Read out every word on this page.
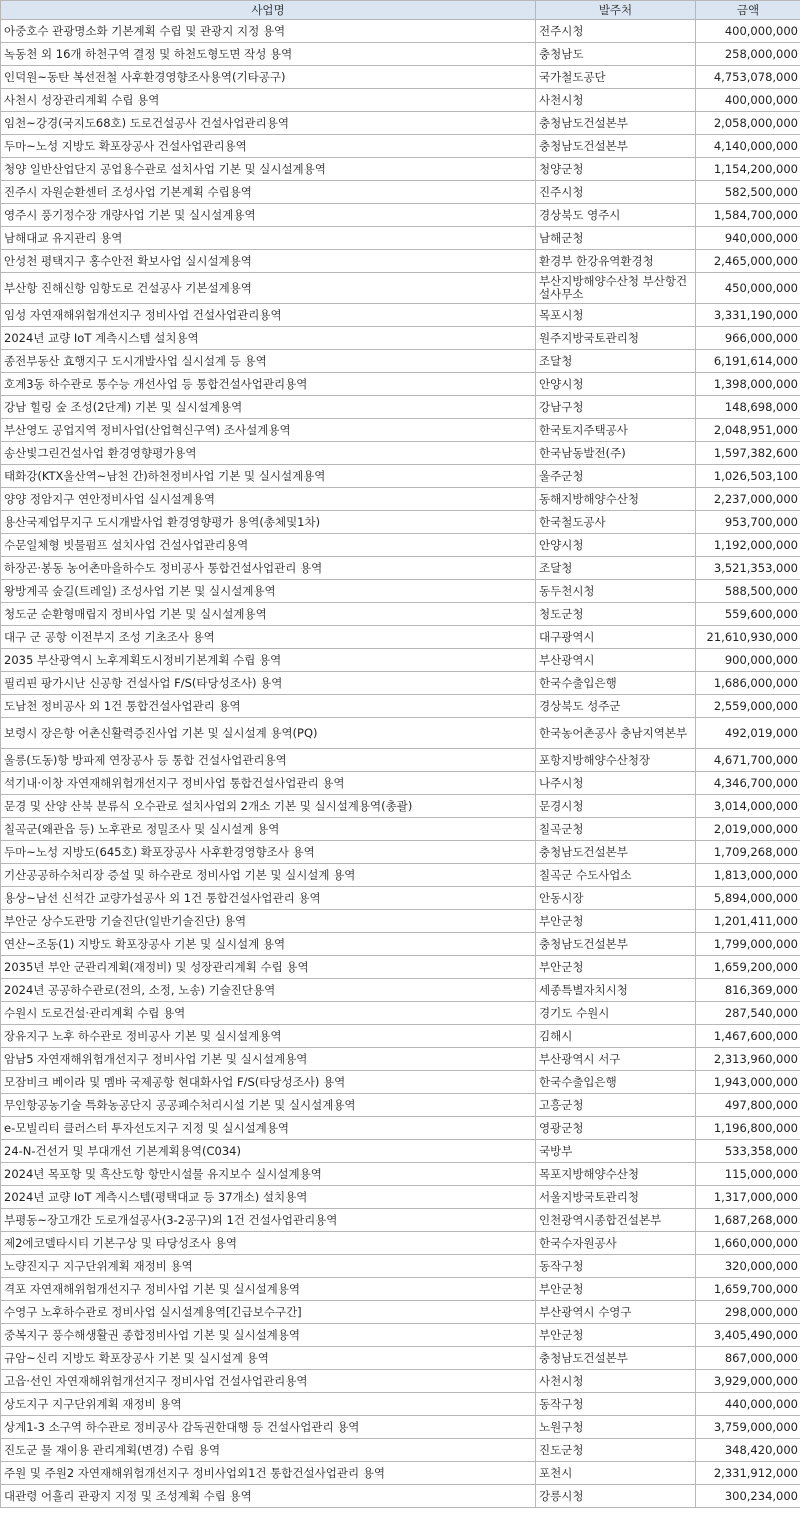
사업명	발주처	금액
아중호수 관광명소화 기본계획 수립 및 관광지 지정 용역	전주시청	400,000,000
녹동천 외 16개 하천구역 결정 및 하천도형도면 작성 용역	충청남도	258,000,000
인덕원~동탄 복선전철 사후환경영향조사용역(기타공구)	국가철도공단	4,753,078,000
사천시 성장관리계획 수립 용역	사천시청	400,000,000
임천~강경(국지도68호) 도로건설공사 건설사업관리용역	충청남도건설본부	2,058,000,000
두마~노성 지방도 확포장공사 건설사업관리용역	충청남도건설본부	4,140,000,000
청양 일반산업단지 공업용수관로 설치사업 기본 및 실시설계용역	청양군청	1,154,200,000
진주시 자원순환센터 조성사업 기본계획 수립용역	진주시청	582,500,000
영주시 풍기정수장 개량사업 기본 및 실시설계용역	경상북도 영주시	1,584,700,000
남해대교 유지관리 용역	남해군청	940,000,000
안성천 평택지구 홍수안전 확보사업 실시설계용역	환경부 한강유역환경청	2,465,000,000
부산항 진해신항 임항도로 건설공사 기본설계용역	부산지방해양수산청 부산항건설사무소	450,000,000
임성 자연재해위험개선지구 정비사업 건설사업관리용역	목포시청	3,331,190,000
2024년 교량 IoT 계측시스템 설치용역	원주지방국토관리청	966,000,000
종전부동산 효행지구 도시개발사업 실시설계 등 용역	조달청	6,191,614,000
호계3동 하수관로 통수능 개선사업 등 통합건설사업관리용역	안양시청	1,398,000,000
강남 힐링 숲 조성(2단계) 기본 및 실시설계용역	강남구청	148,698,000
부산영도 공업지역 정비사업(산업혁신구역) 조사설계용역	한국토지주택공사	2,048,951,000
송산빛그린건설사업 환경영향평가용역	한국남동발전(주)	1,597,382,600
태화강(KTX울산역~남천 간)하천정비사업 기본 및 실시설계용역	울주군청	1,026,503,100
양양 정암지구 연안정비사업 실시설계용역	동해지방해양수산청	2,237,000,000
용산국제업무지구 도시개발사업 환경영향평가 용역(총체및1차)	한국철도공사	953,700,000
수문일체형 빗물펌프 설치사업 건설사업관리용역	안양시청	1,192,000,000
하장곤·봉동 농어촌마을하수도 정비공사 통합건설사업관리 용역	조달청	3,521,353,000
왕방계곡 숲길(트레일) 조성사업 기본 및 실시설계용역	동두천시청	588,500,000
청도군 순환형매립지 정비사업 기본 및 실시설계용역	청도군청	559,600,000
대구 군 공항 이전부지 조성 기초조사 용역	대구광역시	21,610,930,000
2035 부산광역시 노후계획도시정비기본계획 수립 용역	부산광역시	900,000,000
필리핀 팡가시난 신공항 건설사업 F/S(타당성조사) 용역	한국수출입은행	1,686,000,000
도남천 정비공사 외 1건 통합건설사업관리 용역	경상북도 성주군	2,559,000,000
보령시 장은항 어촌신활력증진사업 기본 및 실시설계 용역(PQ)	한국농어촌공사 충남지역본부	492,019,000
울릉(도동)항 방파제 연장공사 등 통합 건설사업관리용역	포항지방해양수산청장	4,671,700,000
석기내·이창 자연재해위험개선지구 정비사업 통합건설사업관리 용역	나주시청	4,346,700,000
문경 및 산양 산북 분류식 오수관로 설치사업외 2개소 기본 및 실시설계용역(총괄)	문경시청	3,014,000,000
칠곡군(왜관읍 등) 노후관로 정밀조사 및 실시설계 용역	칠곡군청	2,019,000,000
두마~노성 지방도(645호) 확포장공사 사후환경영향조사 용역	충청남도건설본부	1,709,268,000
기산공공하수처리장 증설 및 하수관로 정비사업 기본 및 실시설계 용역	칠곡군 수도사업소	1,813,000,000
용상~남선 신석간 교량가설공사 외 1건 통합건설사업관리 용역	안동시장	5,894,000,000
부안군 상수도관망 기술진단(일반기술진단) 용역	부안군청	1,201,411,000
연산~조동(1) 지방도 확포장공사 기본 및 실시설계 용역	충청남도건설본부	1,799,000,000
2035년 부안 군관리계획(재정비) 및 성장관리계획 수립 용역	부안군청	1,659,200,000
2024년 공공하수관로(전의, 소정, 노송) 기술진단용역	세종특별자치시청	816,369,000
수원시 도로건설·관리계획 수립 용역	경기도 수원시	287,540,000
장유지구 노후 하수관로 정비공사 기본 및 실시설계용역	김해시	1,467,600,000
암남5 자연재해위험개선지구 정비사업 기본 및 실시설계용역	부산광역시 서구	2,313,960,000
모잠비크 베이라 및 멤바 국제공항 현대화사업 F/S(타당성조사) 용역	한국수출입은행	1,943,000,000
무인항공농기술 특화농공단지 공공폐수처리시설 기본 및 실시설계용역	고흥군청	497,800,000
e-모빌리티 클러스터 투자선도지구 지정 및 실시설계용역	영광군청	1,196,800,000
24-N-건선거 및 부대개선 기본계획용역(C034)	국방부	533,358,000
2024년 목포항 및 흑산도항 항만시설물 유지보수 실시설계용역	목포지방해양수산청	115,000,000
2024년 교량 IoT 계측시스템(평택대교 등 37개소) 설치용역	서울지방국토관리청	1,317,000,000
부평동~장고개간 도로개설공사(3-2공구)외 1건 건설사업관리용역	인천광역시종합건설본부	1,687,268,000
제2에코델타시티 기본구상 및 타당성조사 용역	한국수자원공사	1,660,000,000
노량진지구 지구단위계획 재정비 용역	동작구청	320,000,000
격포 자연재해위험개선지구 정비사업 기본 및 실시설계용역	부안군청	1,659,700,000
수영구 노후하수관로 정비사업 실시설계용역[긴급보수구간]	부산광역시 수영구	298,000,000
중복지구 풍수해생활권 종합정비사업 기본 및 실시설계용역	부안군청	3,405,490,000
규암~신리 지방도 확포장공사 기본 및 실시설계 용역	충청남도건설본부	867,000,000
고읍·선인 자연재해위험개선지구 정비사업 건설사업관리용역	사천시청	3,929,000,000
상도지구 지구단위계획 재정비 용역	동작구청	440,000,000
상계1-3 소구역 하수관로 정비공사 감독권한대행 등 건설사업관리 용역	노원구청	3,759,000,000
진도군 물 재이용 관리계획(변경) 수립 용역	진도군청	348,420,000
주원 및 주원2 자연재해위험개선지구 정비사업외1건 통합건설사업관리 용역	포천시	2,331,912,000
대관령 어흘리 관광지 지정 및 조성계획 수립 용역	강릉시청	300,234,000
